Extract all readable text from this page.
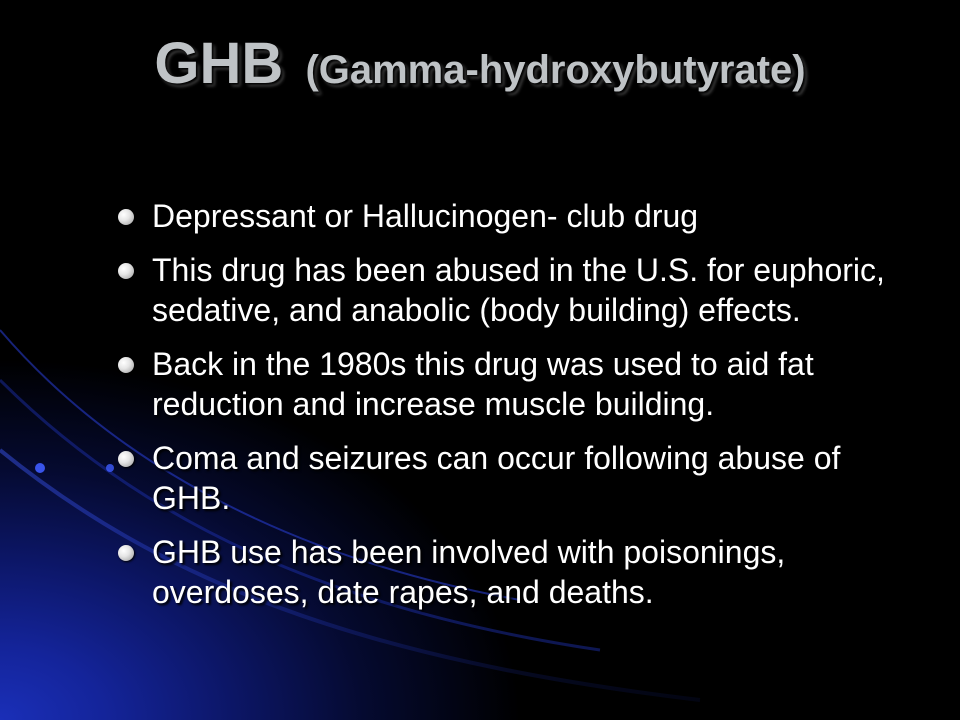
GHB (Gamma-hydroxybutyrate)
Depressant or Hallucinogen- club drug
This drug has been abused in the U.S. for euphoric, sedative, and anabolic (body building) effects.
Back in the 1980s this drug was used to aid fat reduction and increase muscle building.
Coma and seizures can occur following abuse of GHB.
GHB use has been involved with poisonings, overdoses, date rapes, and deaths.
